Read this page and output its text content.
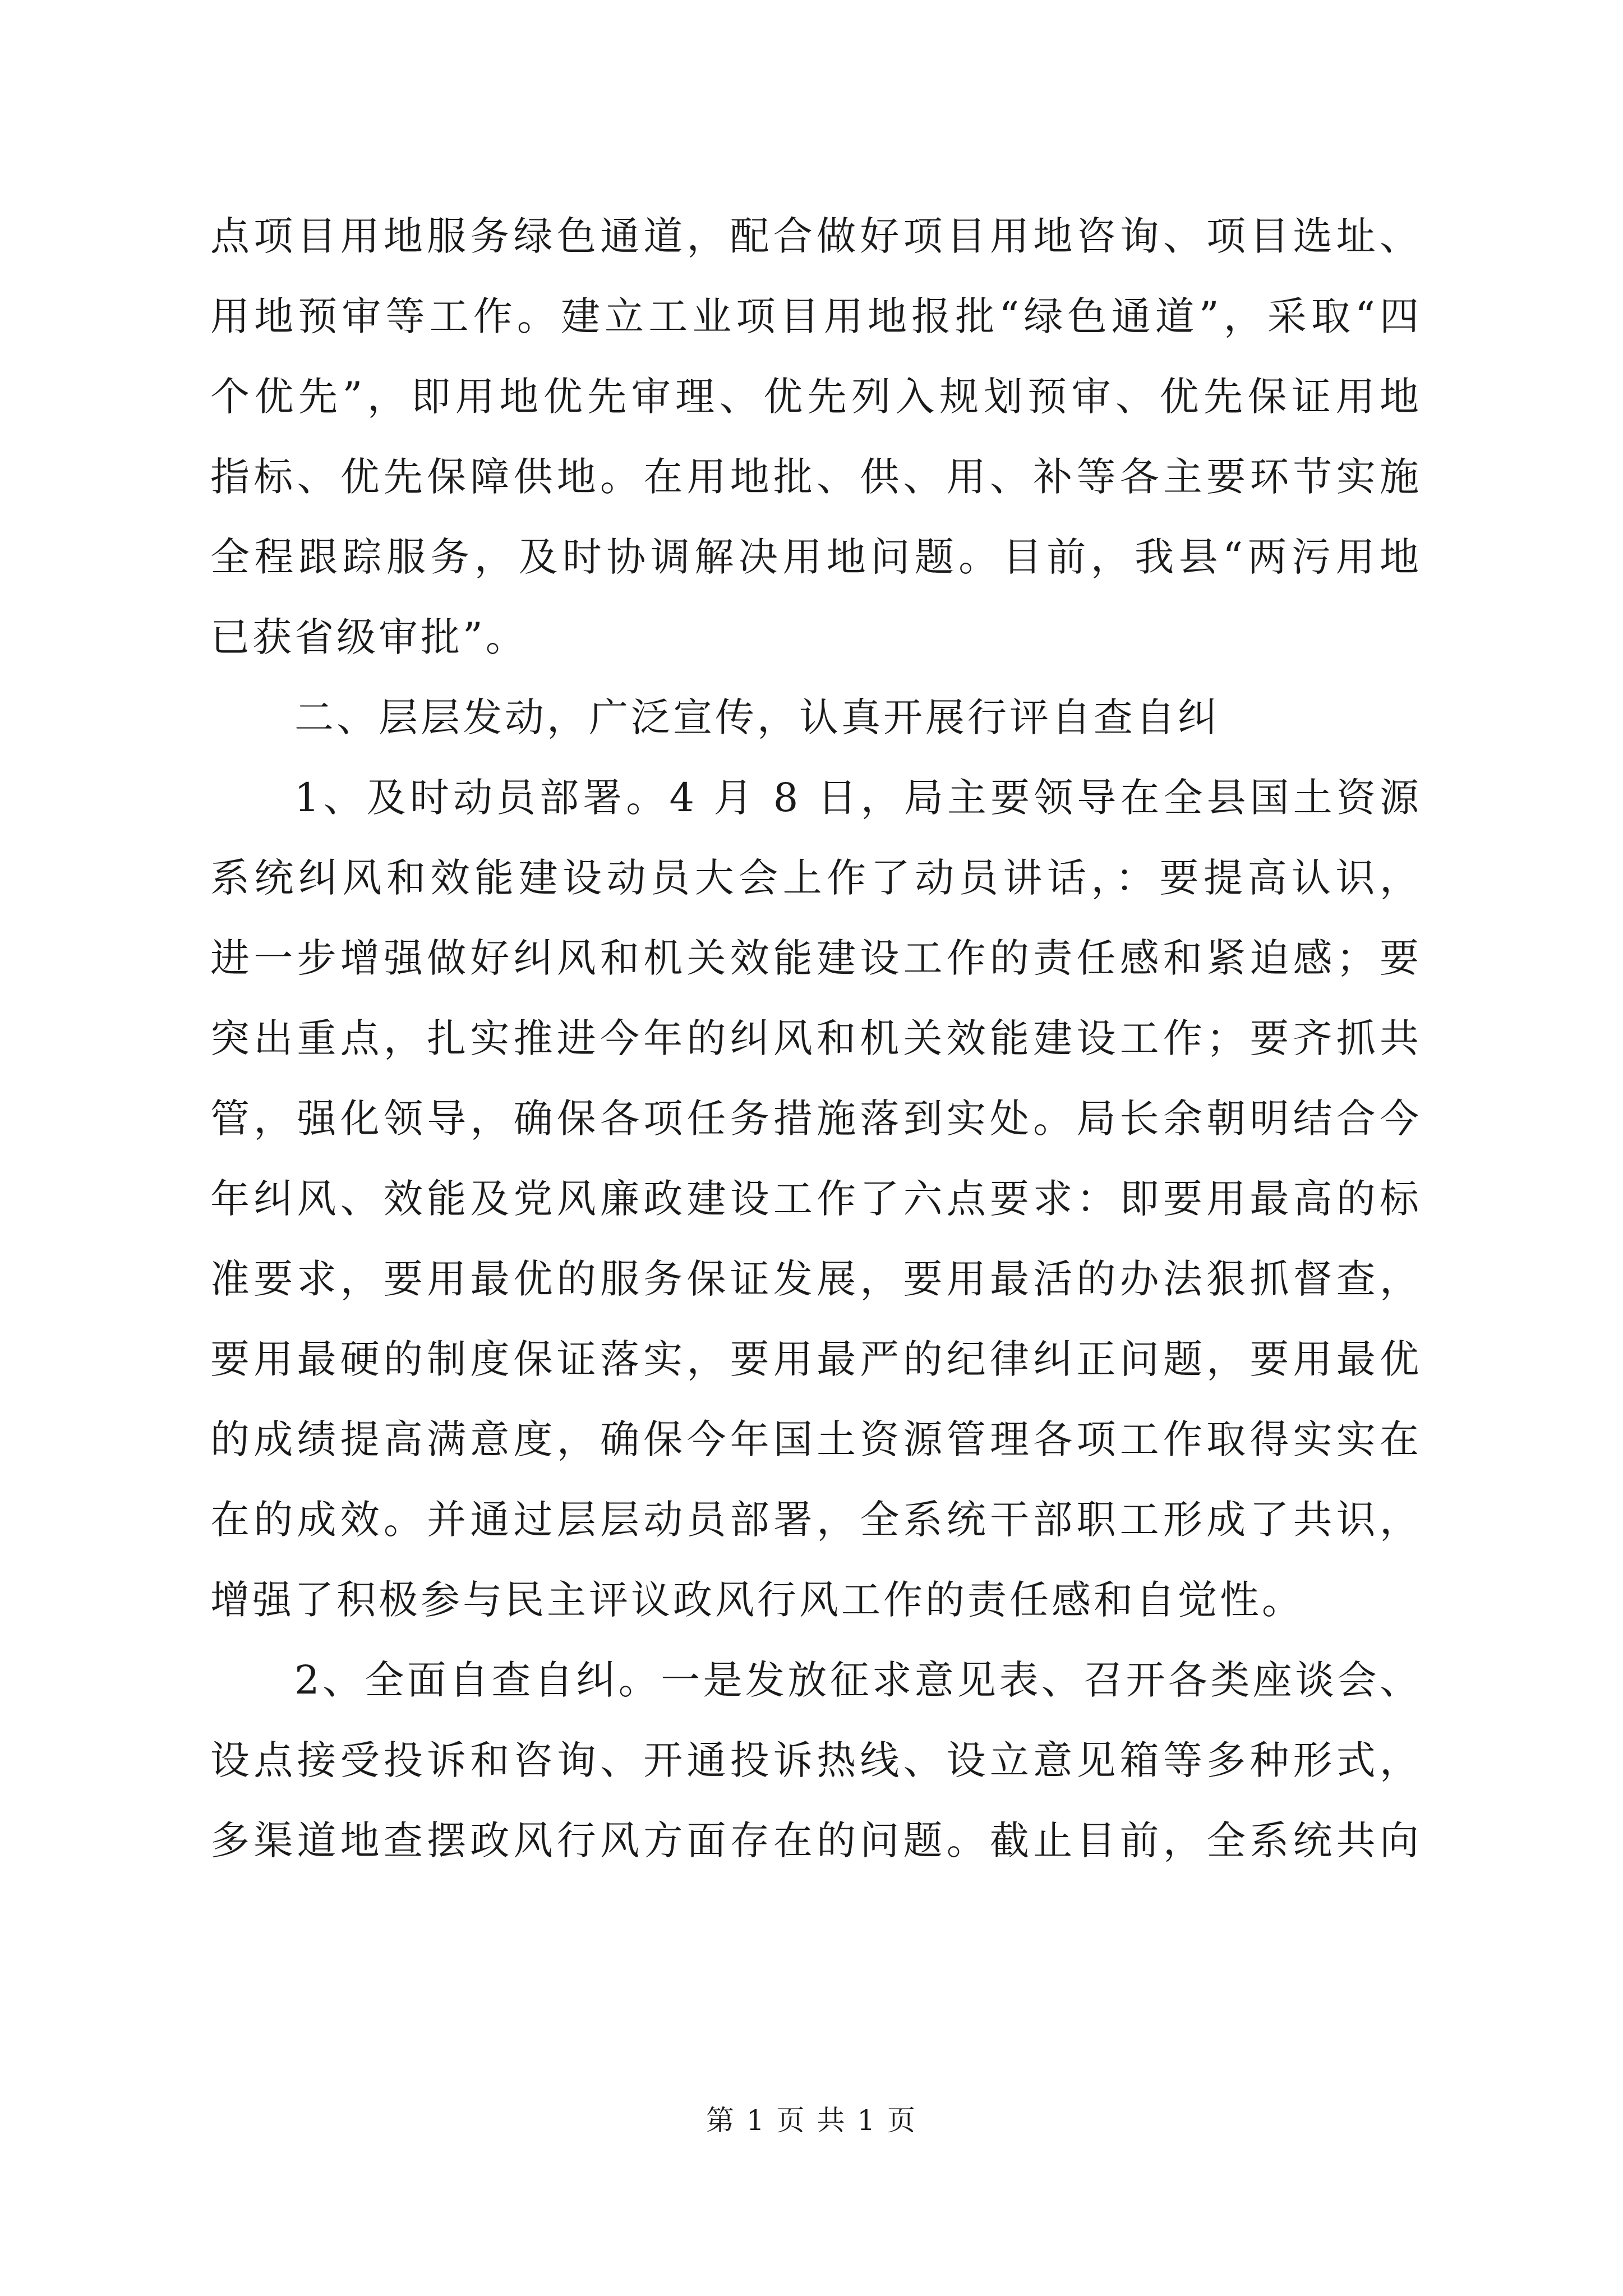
点项目用地服务绿色通道，配合做好项目用地咨询、项目选址、
用地预审等工作。建立工业项目用地报批“绿色通道”，采取“四
个优先”，即用地优先审理、优先列入规划预审、优先保证用地
指标、优先保障供地。在用地批、供、用、补等各主要环节实施
全程跟踪服务，及时协调解决用地问题。目前，我县“两污用地
已获省级审批”。
二、层层发动，广泛宣传，认真开展行评自查自纠
1、及时动员部署。4 月 8 日，局主要领导在全县国土资源
系统纠风和效能建设动员大会上作了动员讲话，：要提高认识，
进一步增强做好纠风和机关效能建设工作的责任感和紧迫感；要
突出重点，扎实推进今年的纠风和机关效能建设工作；要齐抓共
管，强化领导，确保各项任务措施落到实处。局长余朝明结合今
年纠风、效能及党风廉政建设工作了六点要求：即要用最高的标
准要求，要用最优的服务保证发展，要用最活的办法狠抓督查，
要用最硬的制度保证落实，要用最严的纪律纠正问题，要用最优
的成绩提高满意度，确保今年国土资源管理各项工作取得实实在
在的成效。并通过层层动员部署，全系统干部职工形成了共识，
增强了积极参与民主评议政风行风工作的责任感和自觉性。
2、全面自查自纠。一是发放征求意见表、召开各类座谈会、
设点接受投诉和咨询、开通投诉热线、设立意见箱等多种形式，
多渠道地查摆政风行风方面存在的问题。截止目前，全系统共向
第 1 页 共 1 页
